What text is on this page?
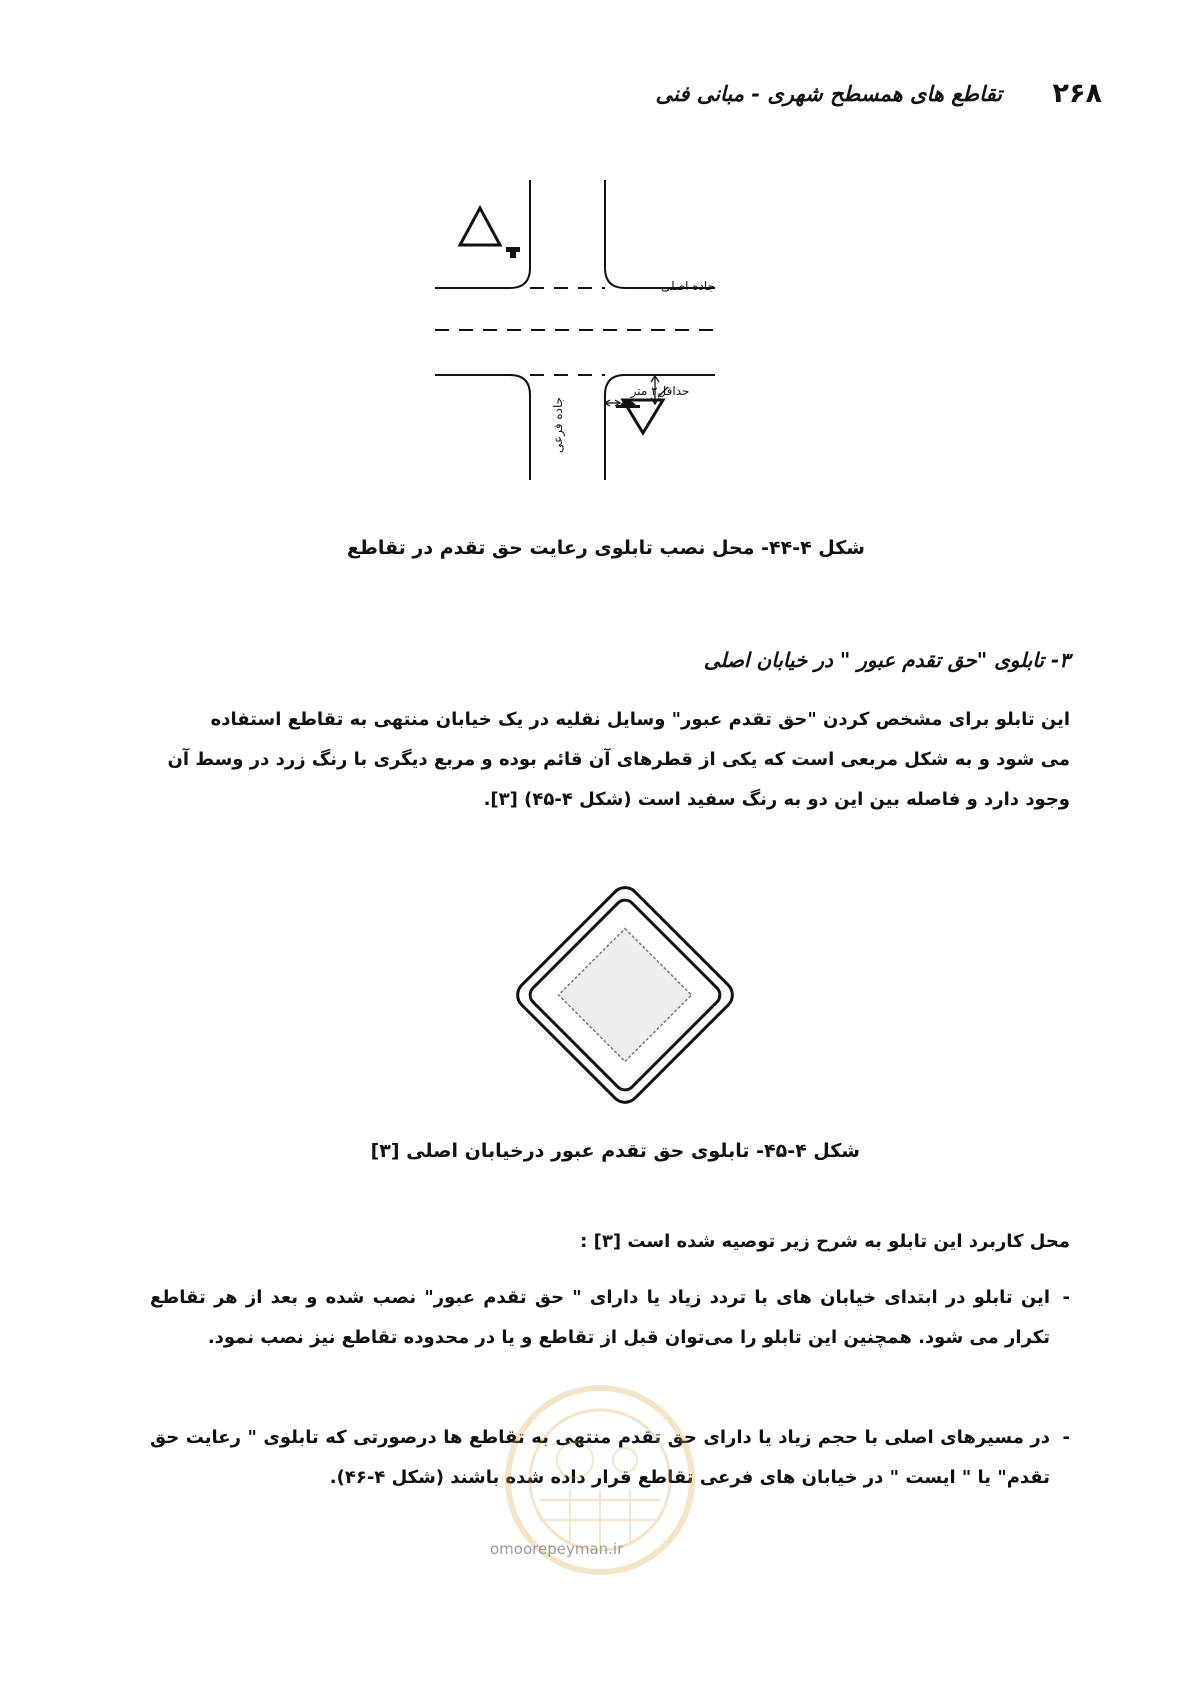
۲۶۸
تقاطع های همسطح شهری - مبانی فنی
جاده اصلی
حداقل۲ متر
جاده فرعی
شکل ۴-۴۴- محل نصب تابلوی رعایت حق تقدم در تقاطع
۳- تابلوی "حق تقدم عبور " در خیابان اصلی

این تابلو برای مشخص کردن "حق تقدم عبور" وسایل نقلیه در یک خیابان منتهی به تقاطع استفاده

می شود و به شکل مربعی است که یکی از قطرهای آن قائم بوده و مربع دیگری با رنگ زرد در وسط آن

وجود دارد و فاصله بین این دو به رنگ سفید است (شکل ۴-۴۵) [۳].

شکل ۴-۴۵- تابلوی حق تقدم عبور درخیابان اصلی [۳]
محل کاربرد این تابلو به شرح زیر توصیه شده است [۳] :
-
این تابلو در ابتدای خیابان های با تردد زیاد یا دارای " حق تقدم عبور" نصب شده و بعد از هر تقاطع تکرار می شود. همچنین این تابلو را می‌توان قبل از تقاطع و یا در محدوده تقاطع نیز نصب نمود.
-
در مسیرهای اصلی با حجم زیاد یا دارای حق تقدم منتهی به تقاطع ها درصورتی که تابلوی " رعایت حق تقدم" یا " ایست " در خیابان های فرعی تقاطع قرار داده شده باشند (شکل ۴-۴۶).
omoorepeyman.ir
